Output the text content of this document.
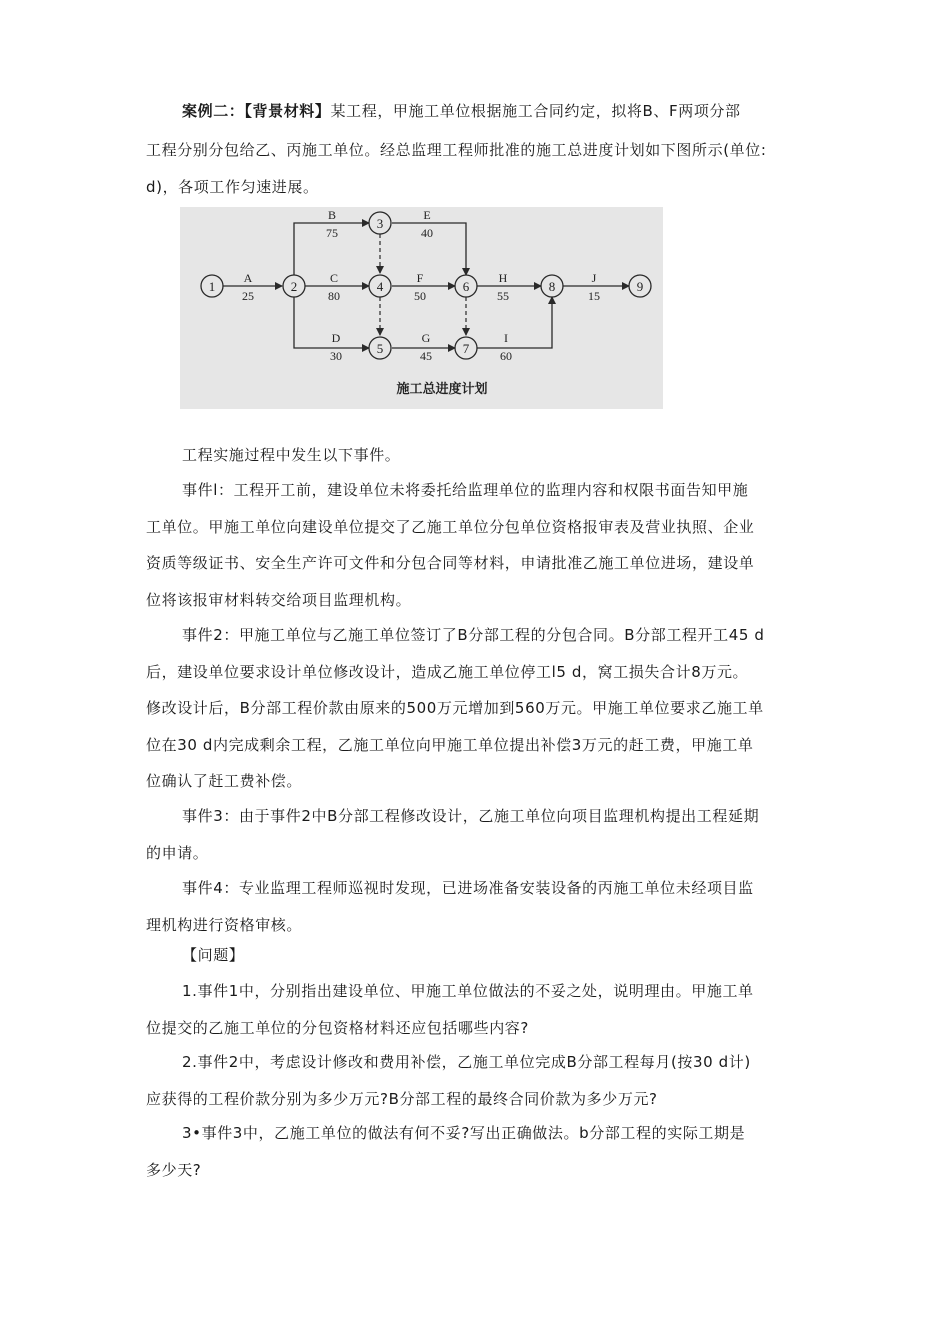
案例二：【背景材料】某工程，甲施工单位根据施工合同约定，拟将B、F两项分部
工程分别分包给乙、丙施工单位。经总监理工程师批准的施工总进度计划如下图所示(单位:
d)，各项工作匀速进展。
1	2
3
4
5
6
7
8	9
A
25
B
75
C
80
D
30
E
40
F
50
G
45
H
55
I
60
J
15
施工总进度计划
工程实施过程中发生以下事件。
事件l：工程开工前，建设单位未将委托给监理单位的监理内容和权限书面告知甲施
工单位。甲施工单位向建设单位提交了乙施工单位分包单位资格报审表及营业执照、企业
资质等级证书、安全生产许可文件和分包合同等材料，申请批准乙施工单位进场，建设单
位将该报审材料转交给项目监理机构。
事件2：甲施工单位与乙施工单位签订了B分部工程的分包合同。B分部工程开工45 d
后，建设单位要求设计单位修改设计，造成乙施工单位停工l5 d，窝工损失合计8万元。
修改设计后，B分部工程价款由原来的500万元增加到560万元。甲施工单位要求乙施工单
位在30 d内完成剩余工程，乙施工单位向甲施工单位提出补偿3万元的赶工费，甲施工单
位确认了赶工费补偿。
事件3：由于事件2中B分部工程修改设计，乙施工单位向项目监理机构提出工程延期
的申请。
事件4：专业监理工程师巡视时发现，已进场准备安装设备的丙施工单位未经项目监
理机构进行资格审核。
【问题】
1.事件1中，分别指出建设单位、甲施工单位做法的不妥之处，说明理由。甲施工单
位提交的乙施工单位的分包资格材料还应包括哪些内容?
2.事件2中，考虑设计修改和费用补偿，乙施工单位完成B分部工程每月(按30 d计)
应获得的工程价款分别为多少万元?B分部工程的最终合同价款为多少万元?
3•事件3中，乙施工单位的做法有何不妥?写出正确做法。b分部工程的实际工期是
多少天?
